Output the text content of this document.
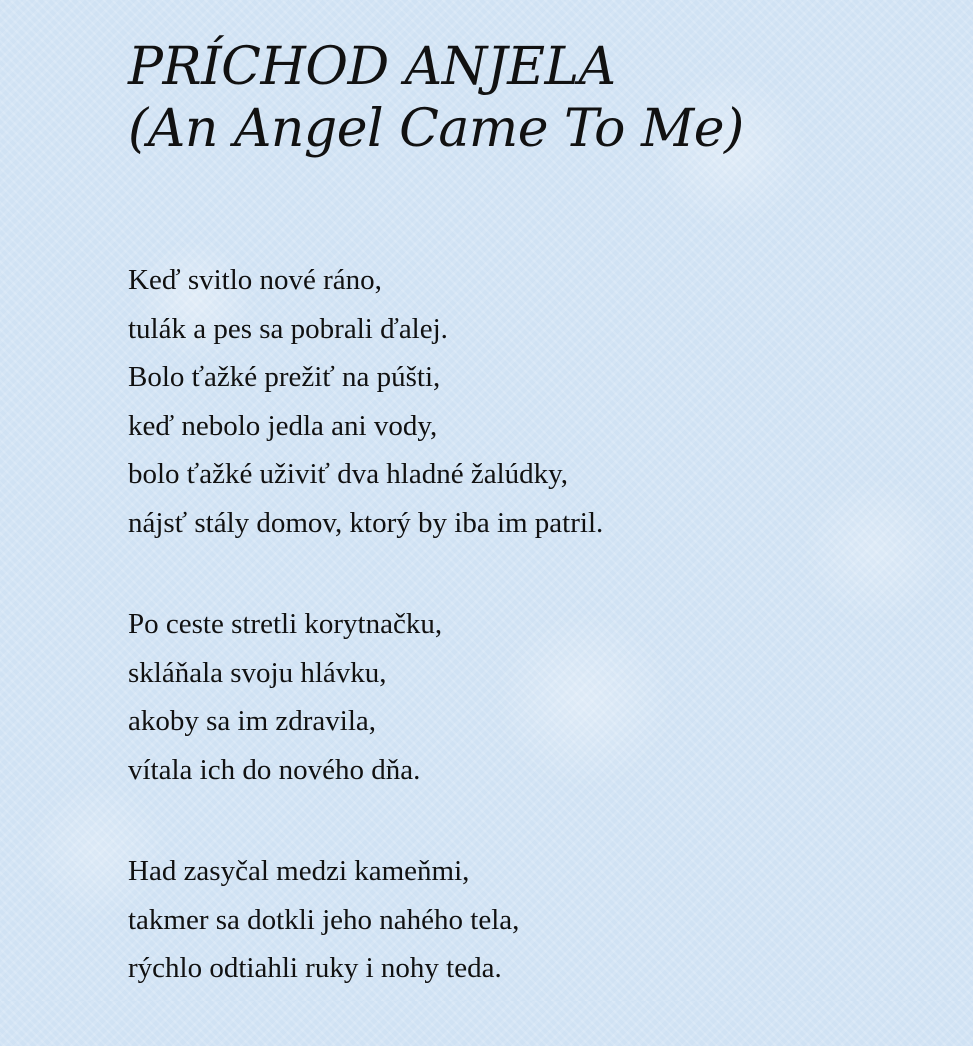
PRÍCHOD ANJELA
(An Angel Came To Me)
Keď svitlo nové ráno,
tulák a pes sa pobrali ďalej.
Bolo ťažké prežiť na púšti,
keď nebolo jedla ani vody,
bolo ťažké uživiť dva hladné žalúdky,
nájsť stály domov, ktorý by iba im patril.
Po ceste stretli korytnačku,
skláňala svoju hlávku,
akoby sa im zdravila,
vítala ich do nového dňa.
Had zasyčal medzi kameňmi,
takmer sa dotkli jeho nahého tela,
rýchlo odtiahli ruky i nohy teda.
